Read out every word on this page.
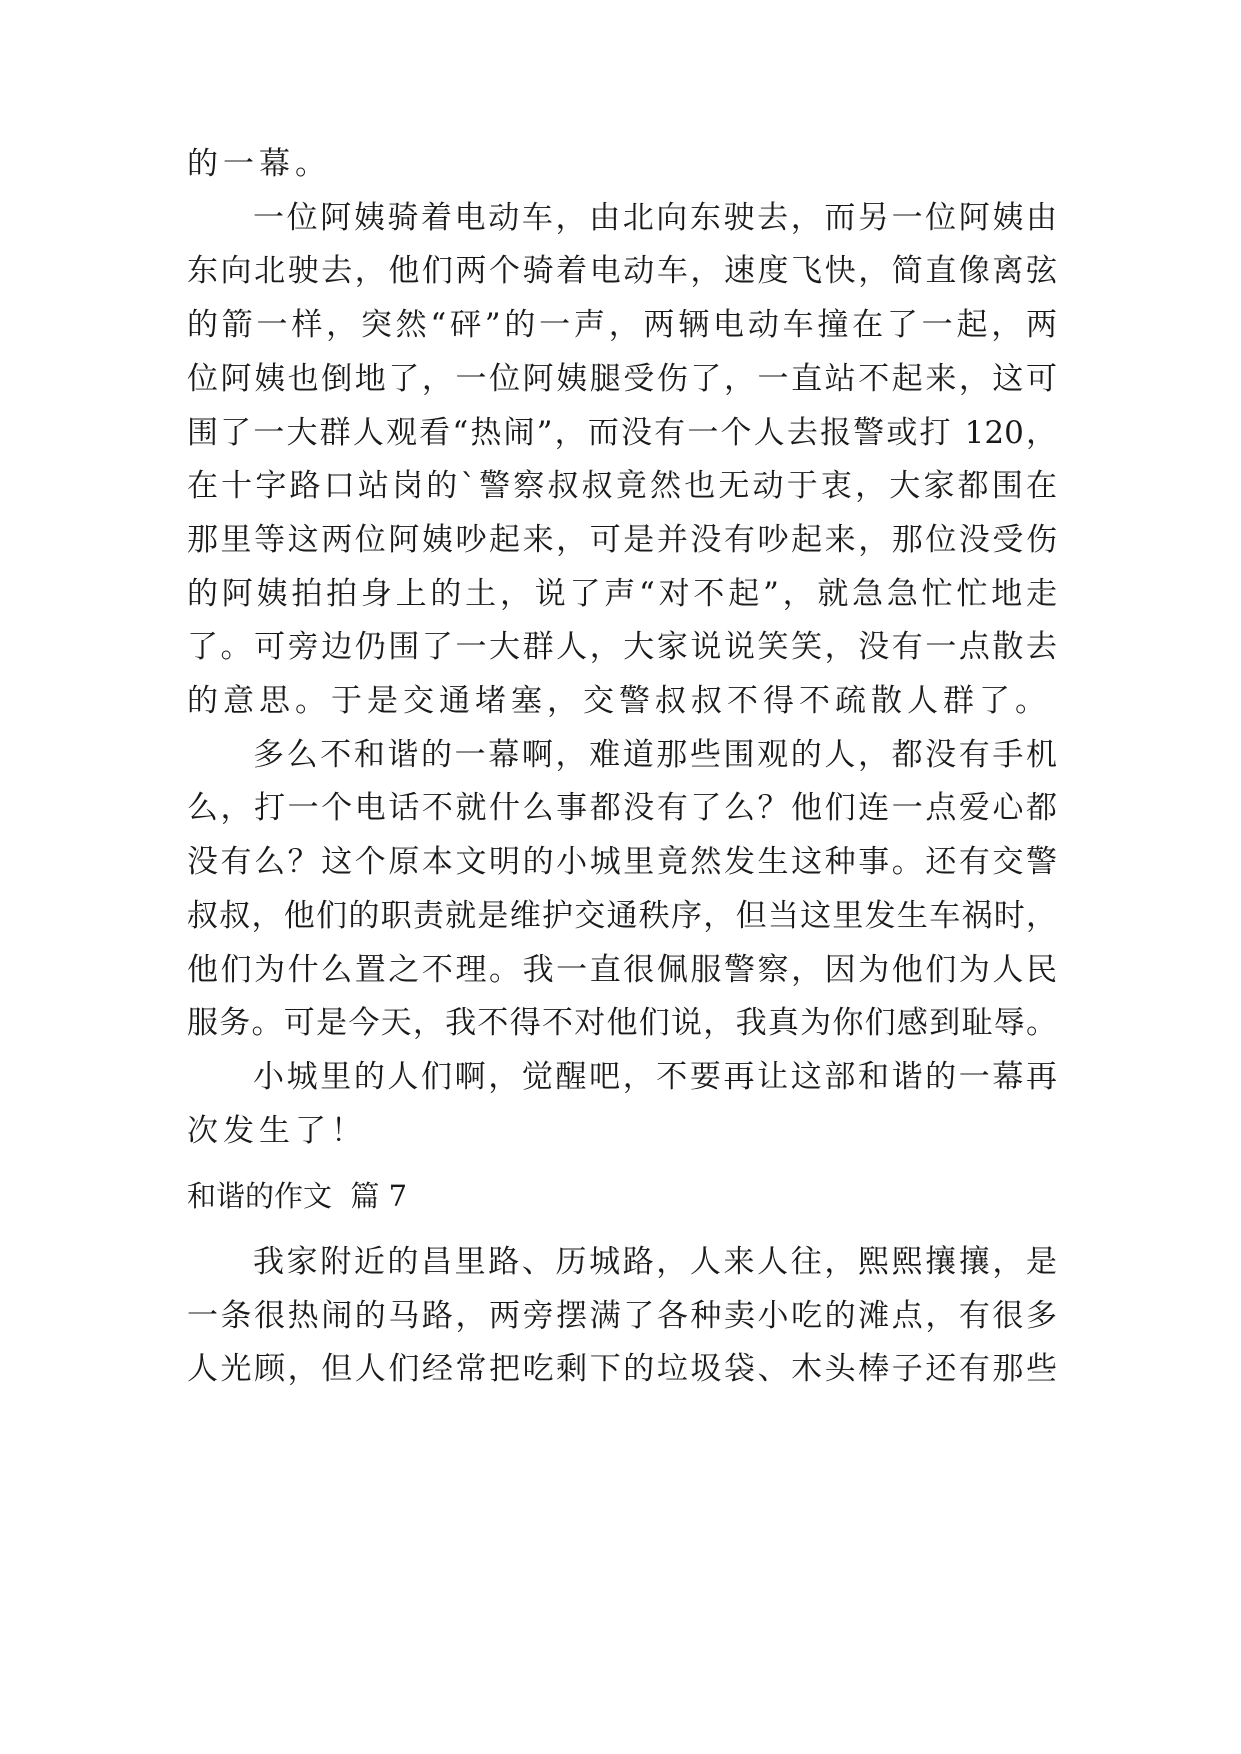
的一幕。
一位阿姨骑着电动车，由北向东驶去，而另一位阿姨由
东向北驶去，他们两个骑着电动车，速度飞快，简直像离弦
的箭一样，突然“砰”的一声，两辆电动车撞在了一起，两
位阿姨也倒地了，一位阿姨腿受伤了，一直站不起来，这可
围了一大群人观看“热闹”，而没有一个人去报警或打 120，
在十字路口站岗的`警察叔叔竟然也无动于衷，大家都围在
那里等这两位阿姨吵起来，可是并没有吵起来，那位没受伤
的阿姨拍拍身上的土，说了声“对不起”，就急急忙忙地走
了。可旁边仍围了一大群人，大家说说笑笑，没有一点散去
的意思。于是交通堵塞，交警叔叔不得不疏散人群了。
多么不和谐的一幕啊，难道那些围观的人，都没有手机
么，打一个电话不就什么事都没有了么？他们连一点爱心都
没有么？这个原本文明的小城里竟然发生这种事。还有交警
叔叔，他们的职责就是维护交通秩序，但当这里发生车祸时，
他们为什么置之不理。我一直很佩服警察，因为他们为人民
服务。可是今天，我不得不对他们说，我真为你们感到耻辱。
小城里的人们啊，觉醒吧，不要再让这部和谐的一幕再
次发生了！
和谐的作文  篇 7
我家附近的昌里路、历城路，人来人往，熙熙攘攘，是
一条很热闹的马路，两旁摆满了各种卖小吃的滩点，有很多
人光顾，但人们经常把吃剩下的垃圾袋、木头棒子还有那些
